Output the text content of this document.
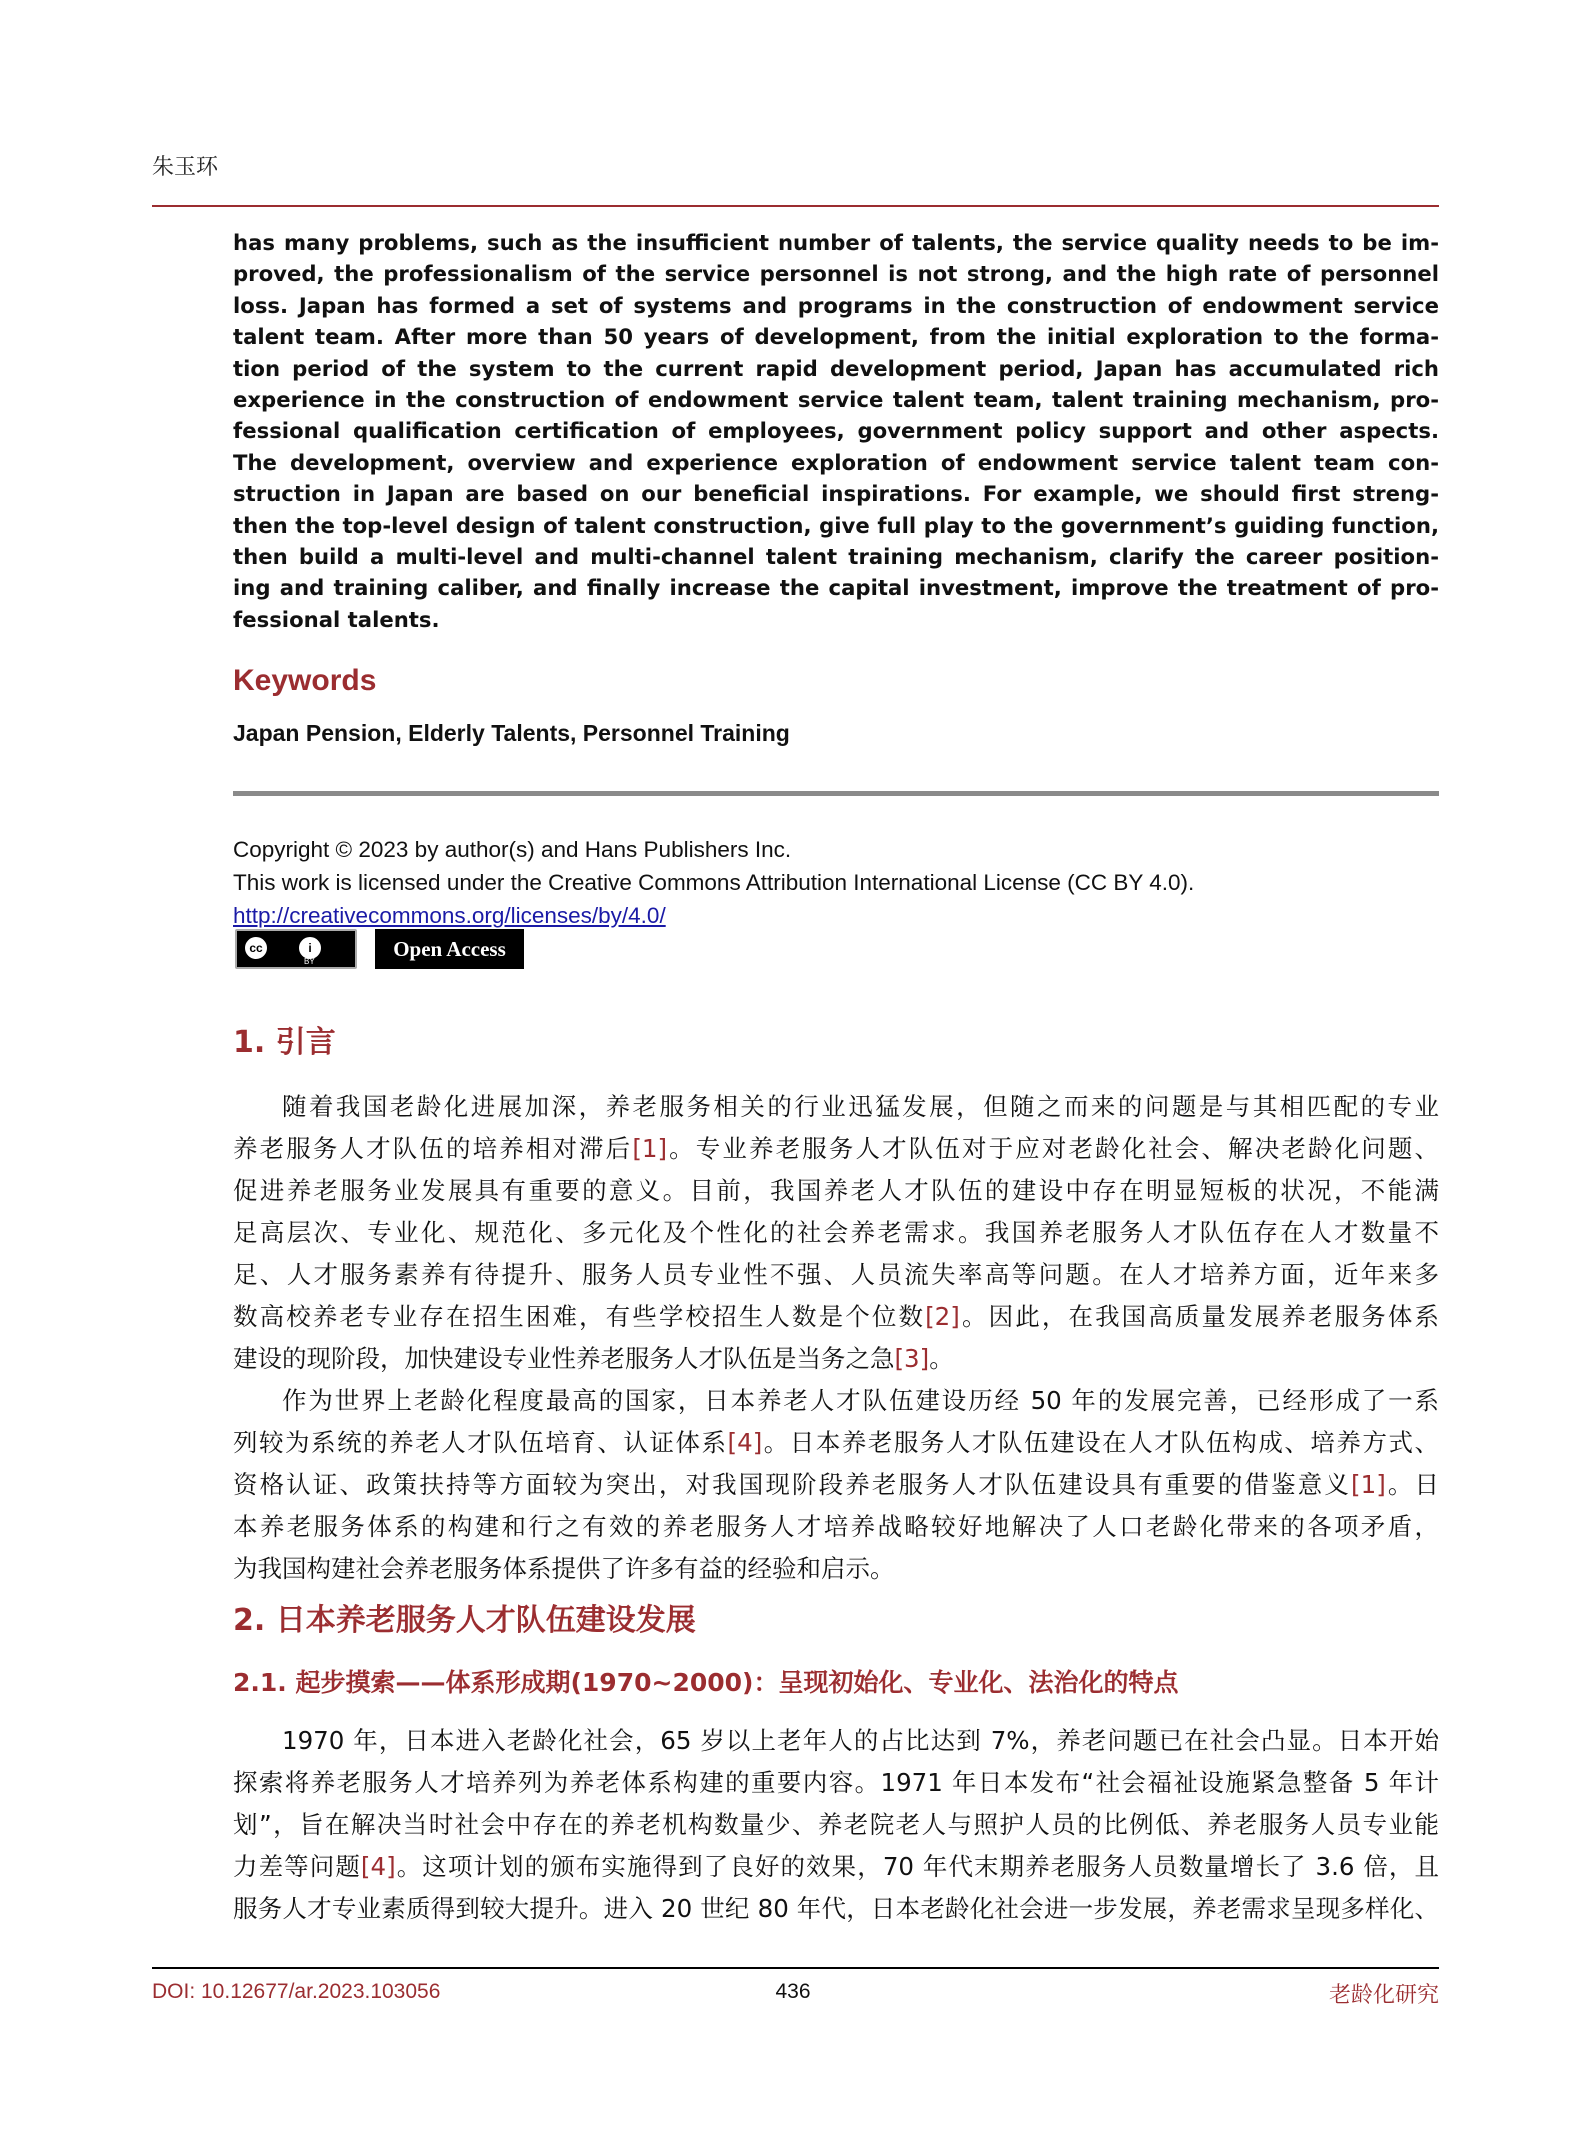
朱玉环
has many problems, such as the insufficient number of talents, the service quality needs to be im-
proved, the professionalism of the service personnel is not strong, and the high rate of personnel
loss. Japan has formed a set of systems and programs in the construction of endowment service
talent team. After more than 50 years of development, from the initial exploration to the forma-
tion period of the system to the current rapid development period, Japan has accumulated rich
experience in the construction of endowment service talent team, talent training mechanism, pro-
fessional qualification certification of employees, government policy support and other aspects.
The development, overview and experience exploration of endowment service talent team con-
struction in Japan are based on our beneficial inspirations. For example, we should first streng-
then the top-level design of talent construction, give full play to the government’s guiding function,
then build a multi-level and multi-channel talent training mechanism, clarify the career position-
ing and training caliber, and finally increase the capital investment, improve the treatment of pro-
fessional talents.
Keywords
Japan Pension, Elderly Talents, Personnel Training
Copyright © 2023 by author(s) and Hans Publishers Inc.
This work is licensed under the Creative Commons Attribution International License (CC BY 4.0).
http://creativecommons.org/licenses/by/4.0/
cc	i
BY
Open Access
1. 引言
随着我国老龄化进展加深，养老服务相关的行业迅猛发展，但随之而来的问题是与其相匹配的专业
养老服务人才队伍的培养相对滞后[1]。专业养老服务人才队伍对于应对老龄化社会、解决老龄化问题、
促进养老服务业发展具有重要的意义。目前，我国养老人才队伍的建设中存在明显短板的状况，不能满
足高层次、专业化、规范化、多元化及个性化的社会养老需求。我国养老服务人才队伍存在人才数量不
足、人才服务素养有待提升、服务人员专业性不强、人员流失率高等问题。在人才培养方面，近年来多
数高校养老专业存在招生困难，有些学校招生人数是个位数[2]。因此，在我国高质量发展养老服务体系
建设的现阶段，加快建设专业性养老服务人才队伍是当务之急[3]。
作为世界上老龄化程度最高的国家，日本养老人才队伍建设历经 50 年的发展完善，已经形成了一系
列较为系统的养老人才队伍培育、认证体系[4]。日本养老服务人才队伍建设在人才队伍构成、培养方式、
资格认证、政策扶持等方面较为突出，对我国现阶段养老服务人才队伍建设具有重要的借鉴意义[1]。日
本养老服务体系的构建和行之有效的养老服务人才培养战略较好地解决了人口老龄化带来的各项矛盾，
为我国构建社会养老服务体系提供了许多有益的经验和启示。
2. 日本养老服务人才队伍建设发展
2.1. 起步摸索——体系形成期(1970~2000)：呈现初始化、专业化、法治化的特点
1970 年，日本进入老龄化社会，65 岁以上老年人的占比达到 7%，养老问题已在社会凸显。日本开始
探索将养老服务人才培养列为养老体系构建的重要内容。1971 年日本发布“社会福祉设施紧急整备 5 年计
划”，旨在解决当时社会中存在的养老机构数量少、养老院老人与照护人员的比例低、养老服务人员专业能
力差等问题[4]。这项计划的颁布实施得到了良好的效果，70 年代末期养老服务人员数量增长了 3.6 倍，且
服务人才专业素质得到较大提升。进入 20 世纪 80 年代，日本老龄化社会进一步发展，养老需求呈现多样化、
DOI: 10.12677/ar.2023.103056	436	老龄化研究
